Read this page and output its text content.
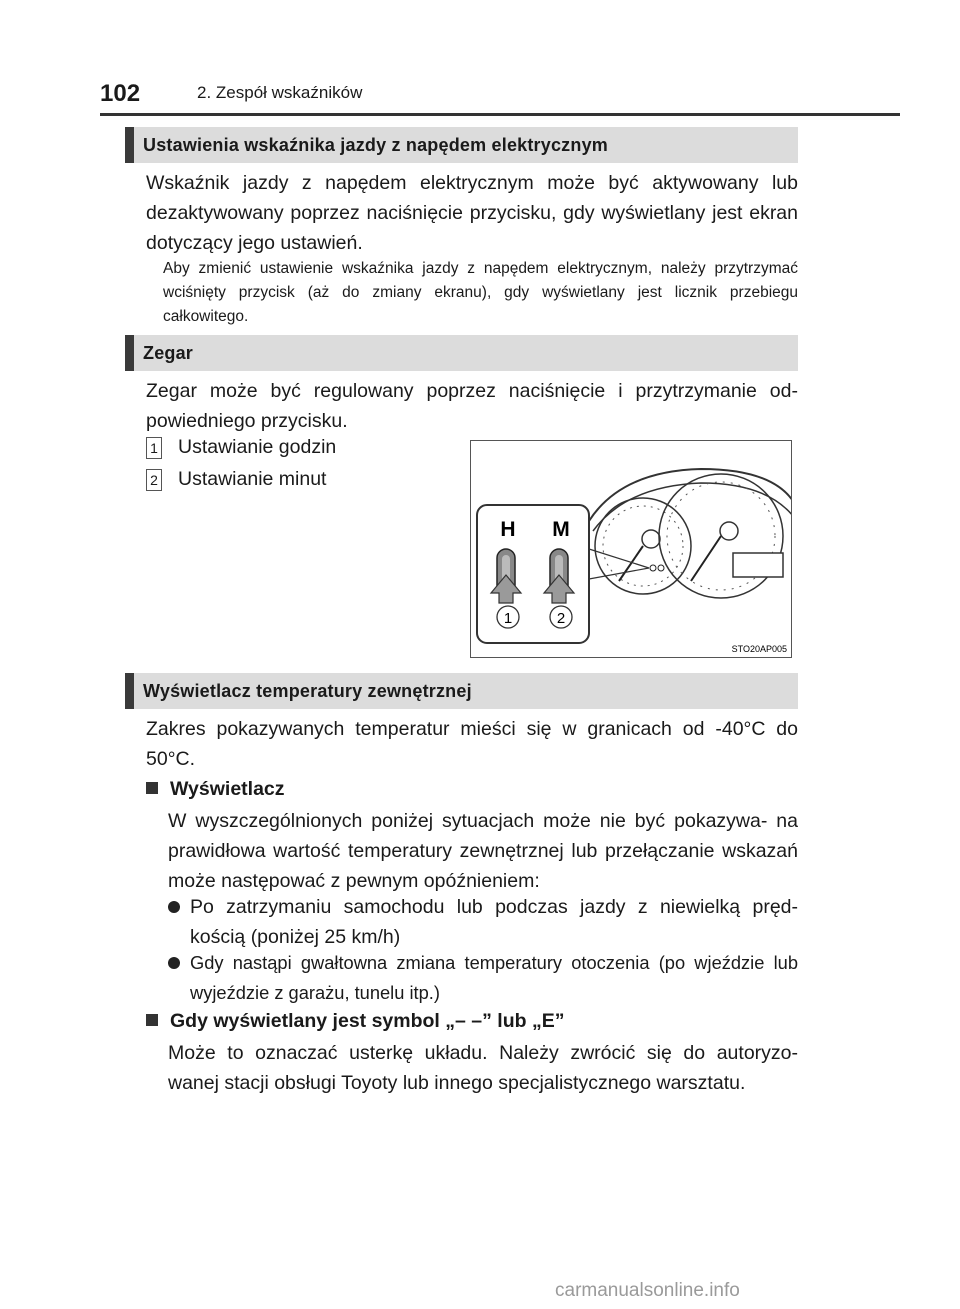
102	2. Zespół wskaźników
Ustawienia wskaźnika jazdy z napędem elektrycznym
Wskaźnik jazdy z napędem elektrycznym może być aktywowany lub dezaktywowany poprzez naciśnięcie przycisku, gdy wyświetlany jest ekran dotyczący jego ustawień.
Aby zmienić ustawienie wskaźnika jazdy z napędem elektrycznym, należy przytrzymać wciśnięty przycisk (aż do zmiany ekranu), gdy wyświetlany jest licznik przebiegu całkowitego.
Zegar
Zegar może być regulowany poprzez naciśnięcie i przytrzymanie od- powiedniego przycisku.
1 Ustawianie godzin
2 Ustawianie minut
H M
1	2
STO20AP005
Wyświetlacz temperatury zewnętrznej
Zakres pokazywanych temperatur mieści się w granicach od -40°C do 50°C.
Wyświetlacz
W wyszczególnionych poniżej sytuacjach może nie być pokazywa- na prawidłowa wartość temperatury zewnętrznej lub przełączanie wskazań może następować z pewnym opóźnieniem:
Po zatrzymaniu samochodu lub podczas jazdy z niewielką pręd- kością (poniżej 25 km/h)
Gdy nastąpi gwałtowna zmiana temperatury otoczenia (po wjeździe lub wyjeździe z garażu, tunelu itp.)
Gdy wyświetlany jest symbol „– –” lub „E”
Może to oznaczać usterkę układu. Należy zwrócić się do autoryzo- wanej stacji obsługi Toyoty lub innego specjalistycznego warsztatu.
carmanualsonline.info
